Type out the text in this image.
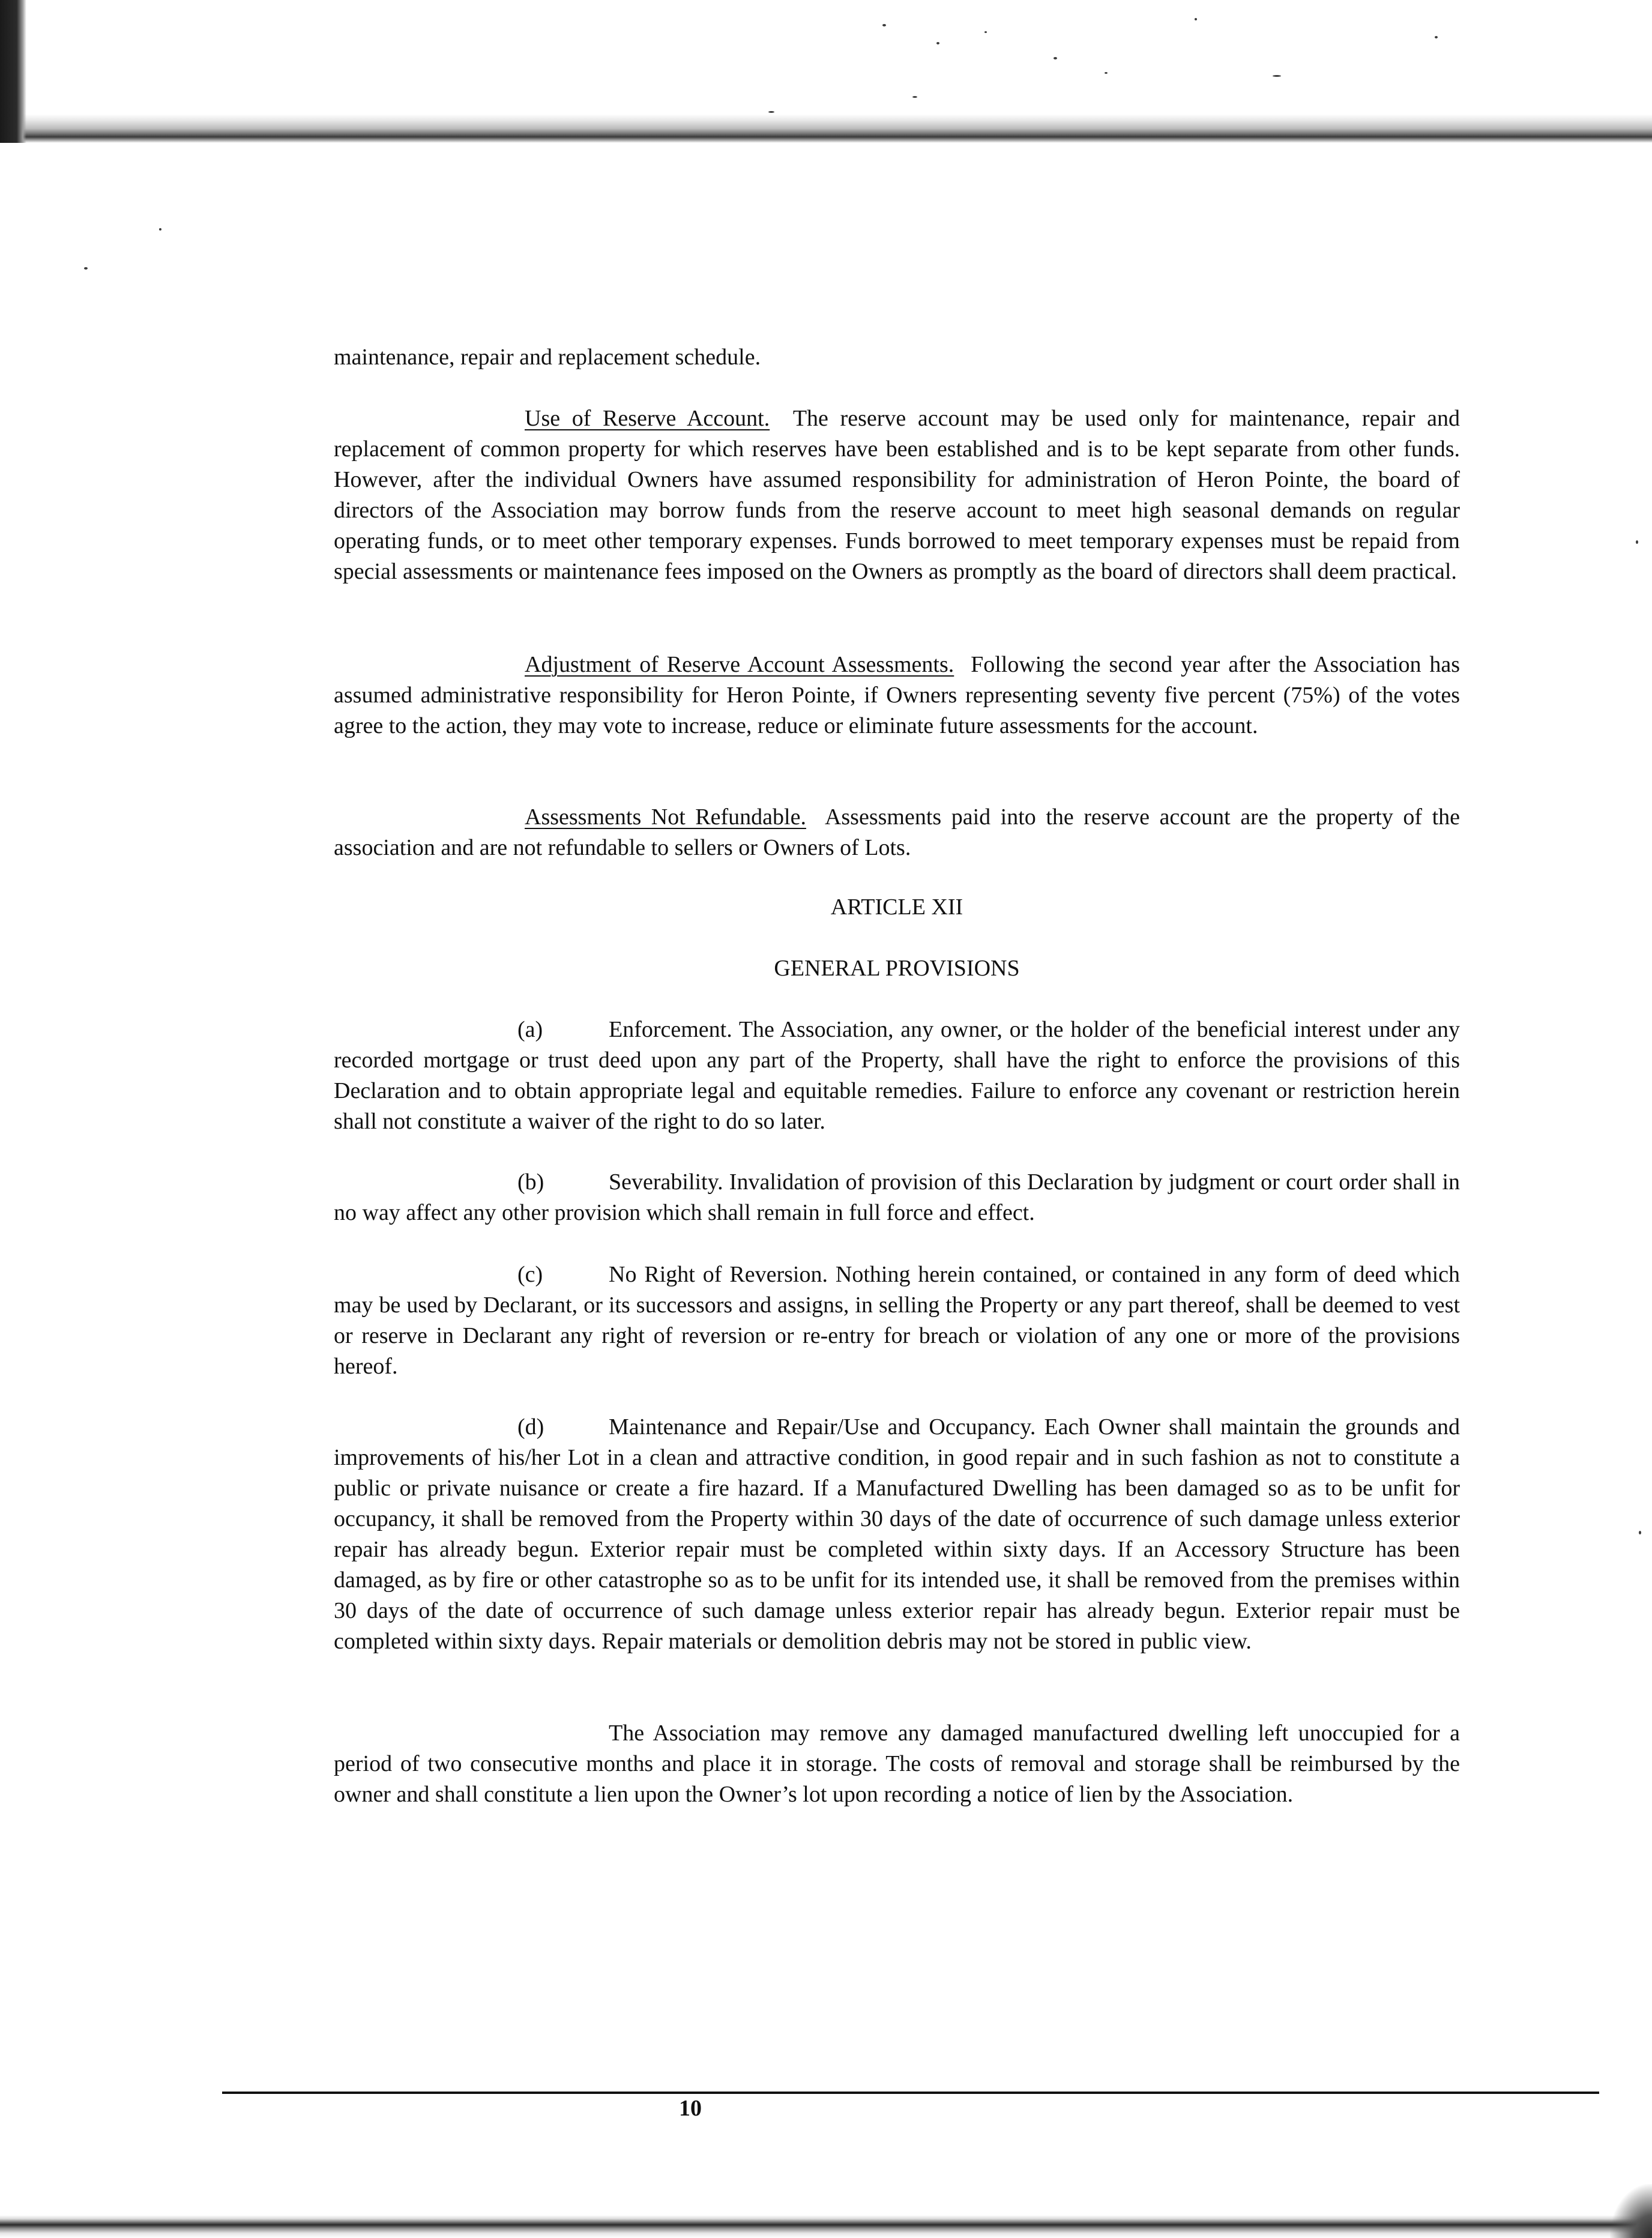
maintenance, repair and replacement schedule.

Use of Reserve Account. The reserve account may be used only for maintenance, repair and replacement of common property for which reserves have been established and is to be kept separate from other funds. However, after the individual Owners have assumed responsibility for administration of Heron Pointe, the board of directors of the Association may borrow funds from the reserve account to meet high seasonal demands on regular operating funds, or to meet other temporary expenses. Funds borrowed to meet temporary expenses must be repaid from special assessments or maintenance fees imposed on the Owners as promptly as the board of directors shall deem practical.

Adjustment of Reserve Account Assessments. Following the second year after the Association has assumed administrative responsibility for Heron Pointe, if Owners representing seventy five percent (75%) of the votes agree to the action, they may vote to increase, reduce or eliminate future assessments for the account.

Assessments Not Refundable. Assessments paid into the reserve account are the property of the association and are not refundable to sellers or Owners of Lots.

ARTICLE XII

GENERAL PROVISIONS

(a)	Enforcement. The Association, any owner, or the holder of the beneficial interest under any recorded mortgage or trust deed upon any part of the Property, shall have the right to enforce the provisions of this Declaration and to obtain appropriate legal and equitable remedies. Failure to enforce any covenant or restriction herein shall not constitute a waiver of the right to do so later.

(b)	Severability. Invalidation of provision of this Declaration by judgment or court order shall in no way affect any other provision which shall remain in full force and effect.

(c)	No Right of Reversion. Nothing herein contained, or contained in any form of deed which may be used by Declarant, or its successors and assigns, in selling the Property or any part thereof, shall be deemed to vest or reserve in Declarant any right of reversion or re-entry for breach or violation of any one or more of the provisions hereof.

(d)	Maintenance and Repair/Use and Occupancy. Each Owner shall maintain the grounds and improvements of his/her Lot in a clean and attractive condition, in good repair and in such fashion as not to constitute a public or private nuisance or create a fire hazard. If a Manufactured Dwelling has been damaged so as to be unfit for occupancy, it shall be removed from the Property within 30 days of the date of occurrence of such damage unless exterior repair has already begun. Exterior repair must be completed within sixty days. If an Accessory Structure has been damaged, as by fire or other catastrophe so as to be unfit for its intended use, it shall be removed from the premises within 30 days of the date of occurrence of such damage unless exterior repair has already begun. Exterior repair must be completed within sixty days. Repair materials or demolition debris may not be stored in public view.

The Association may remove any damaged manufactured dwelling left unoccupied for a period of two consecutive months and place it in storage. The costs of removal and storage shall be reimbursed by the owner and shall constitute a lien upon the Owner’s lot upon recording a notice of lien by the Association.

10
